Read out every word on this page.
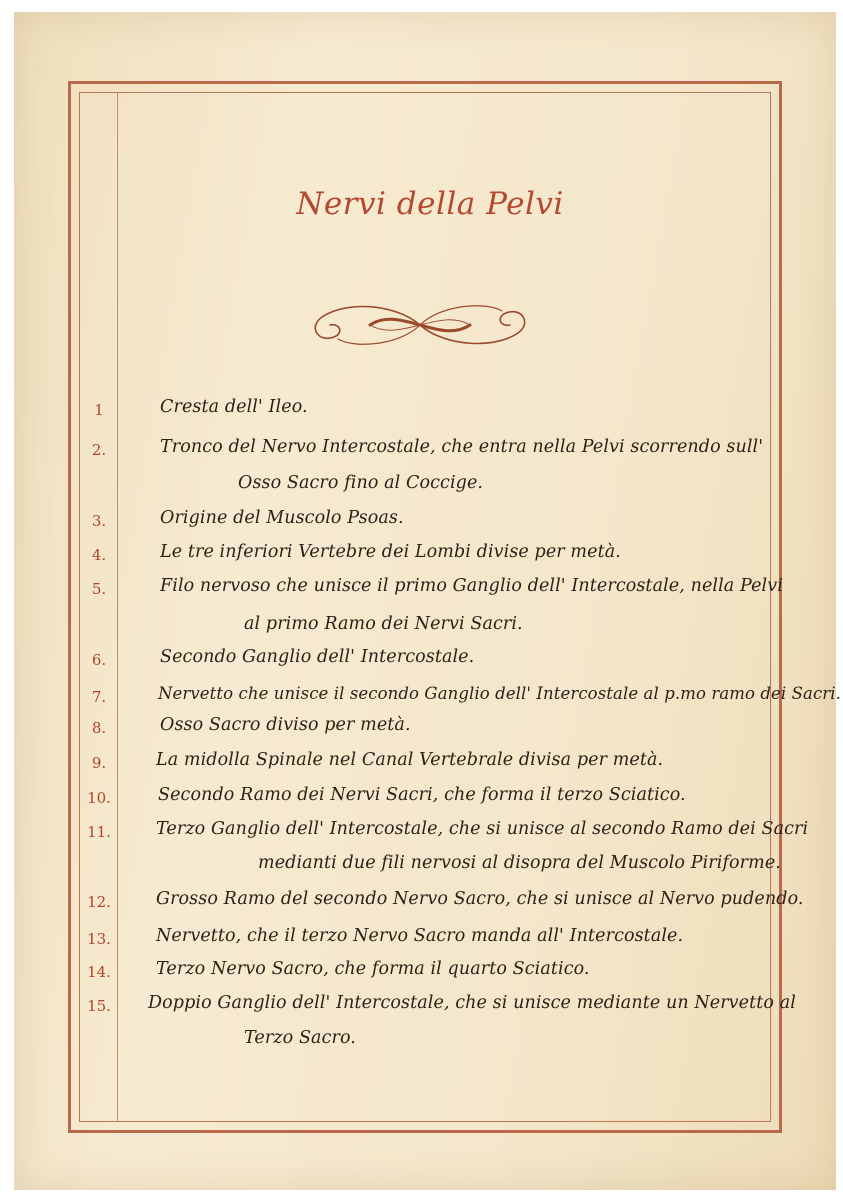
Nervi della Pelvi
1	Cresta dell' Ileo.
2.	Tronco del Nervo Intercostale, che entra nella Pelvi scorrendo sull'
Osso Sacro fino al Coccige.
3.	Origine del Muscolo Psoas.
4.	Le tre inferiori Vertebre dei Lombi divise per metà.
5.	Filo nervoso che unisce il primo Ganglio dell' Intercostale, nella Pelvi
al primo Ramo dei Nervi Sacri.
6.	Secondo Ganglio dell' Intercostale.
7.	Nervetto che unisce il secondo Ganglio dell' Intercostale al p.mo ramo dei Sacri.
8.	Osso Sacro diviso per metà.
9.	La midolla Spinale nel Canal Vertebrale divisa per metà.
10.	Secondo Ramo dei Nervi Sacri, che forma il terzo Sciatico.
11.	Terzo Ganglio dell' Intercostale, che si unisce al secondo Ramo dei Sacri
medianti due fili nervosi al disopra del Muscolo Piriforme.
12.	Grosso Ramo del secondo Nervo Sacro, che si unisce al Nervo pudendo.
13.	Nervetto, che il terzo Nervo Sacro manda all' Intercostale.
14.	Terzo Nervo Sacro, che forma il quarto Sciatico.
15.	Doppio Ganglio dell' Intercostale, che si unisce mediante un Nervetto al
Terzo Sacro.
